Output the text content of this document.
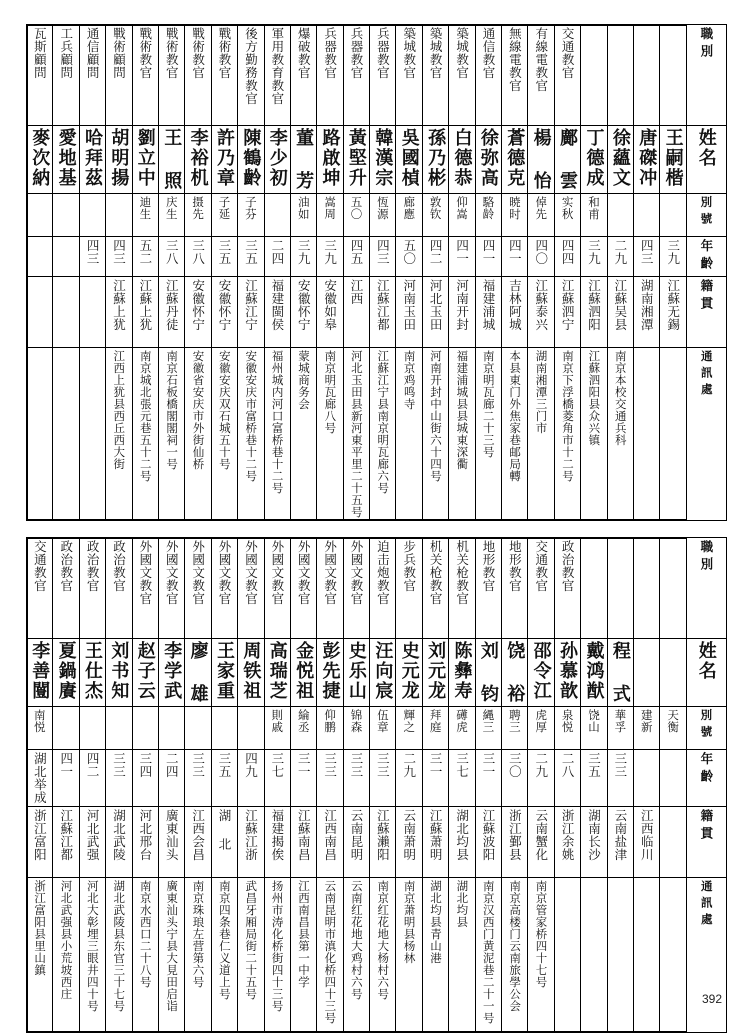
瓦斯顧問	工兵顧問	通信顧問	戰術顧問	戰術教官	戰術教官	戰術教官	戰術教官	後方勤務教官	軍用教育教官	爆破教官	兵器教官	兵器教官	兵器教官	築城教官	築城教官	築城教官	通信教官	無線電教官	有線電教官	交通教官					職別

麥次納	愛地基	哈拜茲	胡明揚	劉立中	王 照	李裕机	許乃章	陳鶴齡	李少初	董 芳	路啟坤	黃堅升	韓漢宗	吳國楨	孫乃彬	白德恭	徐弥高	蒼德克	楊 怡	鄺 雲	丁德成	徐蘊文	唐磔冲	王嗣楷	姓名

				迪生	庆生	摄先	子延	子芬		油如	嵩周	五〇	恆源	廊應	敦钦	仰嵩	駱龄	暁时	倬先	实秋	和甫				別號

		四三	四三	五二	三八	三八	三五	三五	二四	三九	三九	四五	四三	五〇	四二	四一	四一	四一	四〇	四四	三九	二九	四三	三九	年齡

			江蘇上犹	江蘇上犹	江蘇丹徒	安徽怀宁	安徽怀宁	江蘇江宁	福建閩侯	安徽怀宁	安徽如皋	江西	江蘇江都	河南玉田	河北玉田	河南开封	福建浦城	吉林阿城	江蘇泰兴	江蘇泗宁	江蘇泗阳	江蘇吴县	湖南湘潭	江蘇无錫	籍貫

			江西上犹县西丘西大街	南京城北張元巷五十二号	南京石板橋閣閣祠一号	安徽省安庆市外街仙桥	安徽安庆双石城五十号	安徽安庆市富桥巷十二号	福州城内河口富桥巷十二号	蒙城商务会	南京明瓦廊八号	河北玉田县新河東平里二十五号	江蘇江宁县南京明瓦廊六号	南京鸡鸣寺	河南开封中山街六十四号	福建浦城县县城東深衢	南京明瓦廊二十三号	本县東门外焦家巷邮局轉	湖南湘潭三门市	南京下浮橋菱角市十二号	江蘇泗阳县众兴镇	南京本校交通兵科			通訊處
交通教官	政治教官	政治教官	政治教官	外國文教官	外國文教官	外國文教官	外國文教官	外國文教官	外國文教官	外國文教官	外國文教官	外國文教官	迫击炮教官	步兵教官	机关枪教官	机关枪教官	地形教官	地形教官	交通教官	政治教官					職別

李善闓	夏鍋賡	王仕杰	刘书知	赵子云	李学武	廖 雄	王家重	周铁祖	高瑞芝	金悦祖	彭先捷	史乐山	汪向宸	史元龙	刘元龙	陈彝寿	刘 钧	饶 裕	邵令江	孙慕歆	戴鸿猷	程 式			姓名

南悦									則戚	綸丞	仰鹏	锦森	伍章	輝之	拜庭	礡虎	縄三	聘三	虎厚	泉悦	饶山	華孚	建新	天衡	別號

湖北举成	四一	四二	三三	三四	二四	三三	三五	四九	三七	三一	三三	三三	三三	二九	三一	三七	三一	三〇	二九	二八	三五	三三			年齡

浙江富阳	江蘇江都	河北武强	湖北武陵	河北邢台	廣東汕头	江西会昌	湖 北	江蘇江浙	福建揭俟	江蘇南昌	江西南昌	云南昆明	江蘇瀨阳	云南萧明	江蘇萧明	湖北均县	江蘇波阳	浙江鄞县	云南蟹化	浙江余姚	湖南长沙	云南盐津	江西临川		籍貫

浙江富阳县里山鎮	河北武强县小荒坡西庄	河北大彰埋三眼井四十号	湖北武陵县东官三十七号	南京水西口二十八号	廣東汕头宁县大見田启诣	南京珠琅左营第六号	南京四条巷仁义道上号	武昌牙厢局街二十五号	扬州市涛化桥街四十三号	江西南昌县第一中学	云南昆明市滇化桥四十三号	云南红花地大鸡村六号	南京红花地大杨村六号	南京萧明县杨林	湖北均县青山港	湖北均县	南京汉西门黄泥巷二十一号	南京高楼门云南旅學公会	南京管家桥四十七号						通訊處
392
